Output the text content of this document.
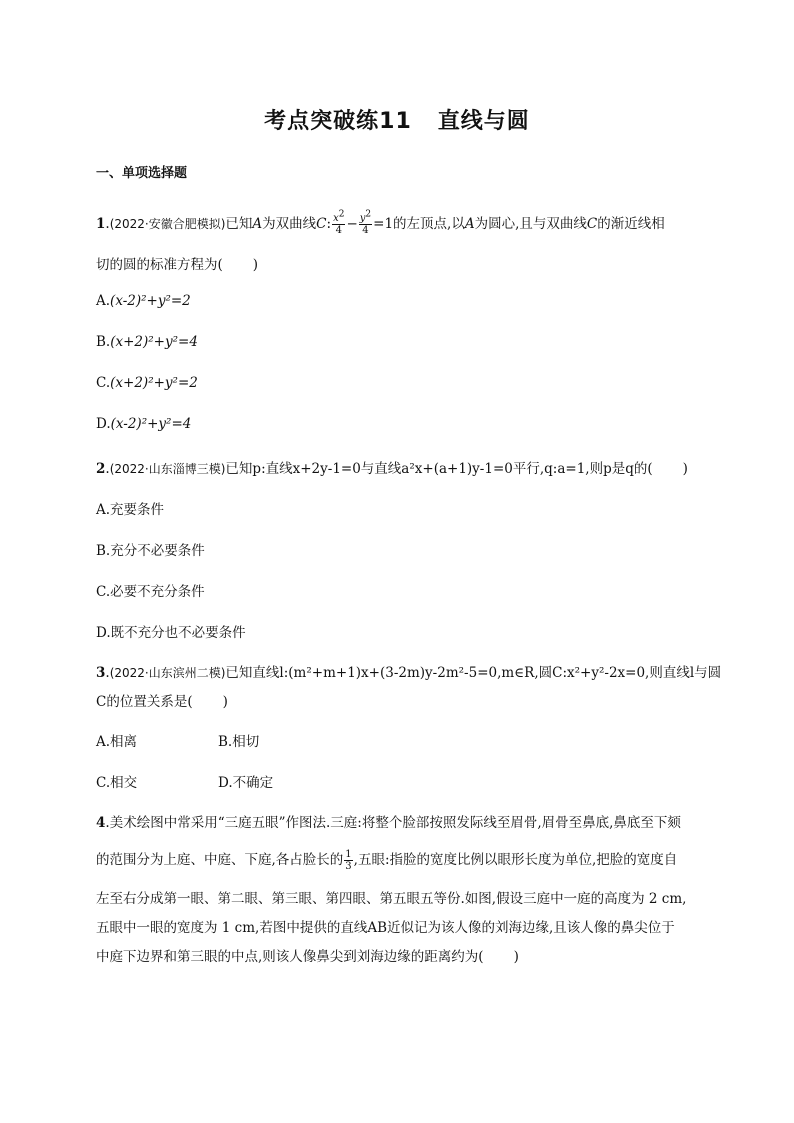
考点突破练11 直线与圆
一、单项选择题
1.(2022·安徽合肥模拟)已知A为双曲线C: $\frac{x^2}{4} - \frac{y^2}{4} =1$的左顶点,以A为圆心,且与双曲线C的渐近线相
切的圆的标准方程为( )
A.(x-2)²+y²=2
B.(x+2)²+y²=4
C.(x+2)²+y²=2
D.(x-2)²+y²=4
2.(2022·山东淄博三模)已知p:直线x+2y-1=0与直线a²x+(a+1)y-1=0平行,q:a=1,则p是q的( )
A.充要条件
B.充分不必要条件
C.必要不充分条件
D.既不充分也不必要条件
3.(2022·山东滨州二模)已知直线l:(m²+m+1)x+(3-2m)y-2m²-5=0,m∈R,圆C:x²+y²-2x=0,则直线l与圆
C的位置关系是( )
A.相离	B.相切
C.相交	D.不确定
4.美术绘图中常采用“三庭五眼”作图法.三庭:将整个脸部按照发际线至眉骨,眉骨至鼻底,鼻底至下颏
的范围分为上庭、中庭、下庭,各占脸长的 $\frac{1}{3}$ ,五眼:指脸的宽度比例以眼形长度为单位,把脸的宽度自
左至右分成第一眼、第二眼、第三眼、第四眼、第五眼五等份.如图,假设三庭中一庭的高度为 2 cm,
五眼中一眼的宽度为 1 cm,若图中提供的直线AB近似记为该人像的刘海边缘,且该人像的鼻尖位于
中庭下边界和第三眼的中点,则该人像鼻尖到刘海边缘的距离约为( )
